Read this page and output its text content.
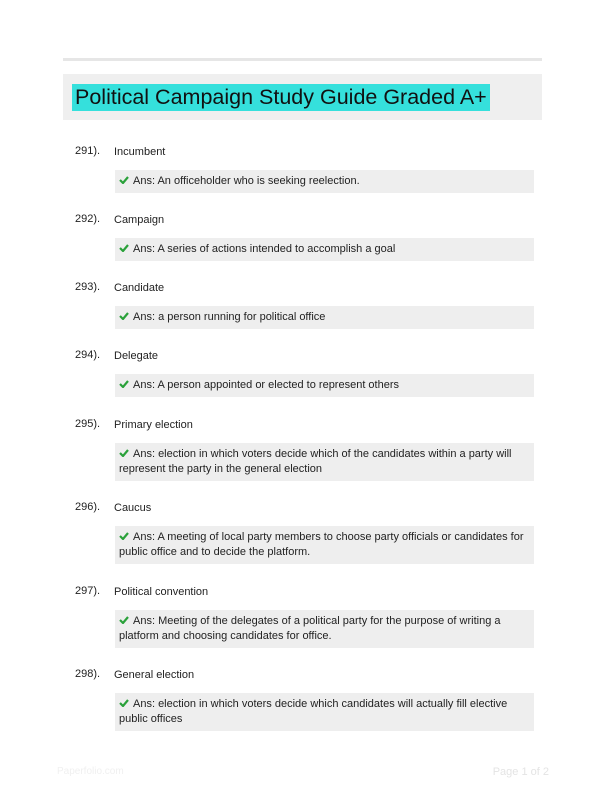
Political Campaign Study Guide Graded A+
291). Incumbent
Ans: An officeholder who is seeking reelection.
292). Campaign
Ans: A series of actions intended to accomplish a goal
293). Candidate
Ans: a person running for political office
294). Delegate
Ans: A person appointed or elected to represent others
295). Primary election
Ans: election in which voters decide which of the candidates within a party will represent the party in the general election
296). Caucus
Ans: A meeting of local party members to choose party officials or candidates for public office and to decide the platform.
297). Political convention
Ans: Meeting of the delegates of a political party for the purpose of writing a platform and choosing candidates for office.
298). General election
Ans: election in which voters decide which candidates will actually fill elective public offices
Paperfolio.com	Page 1 of 2
